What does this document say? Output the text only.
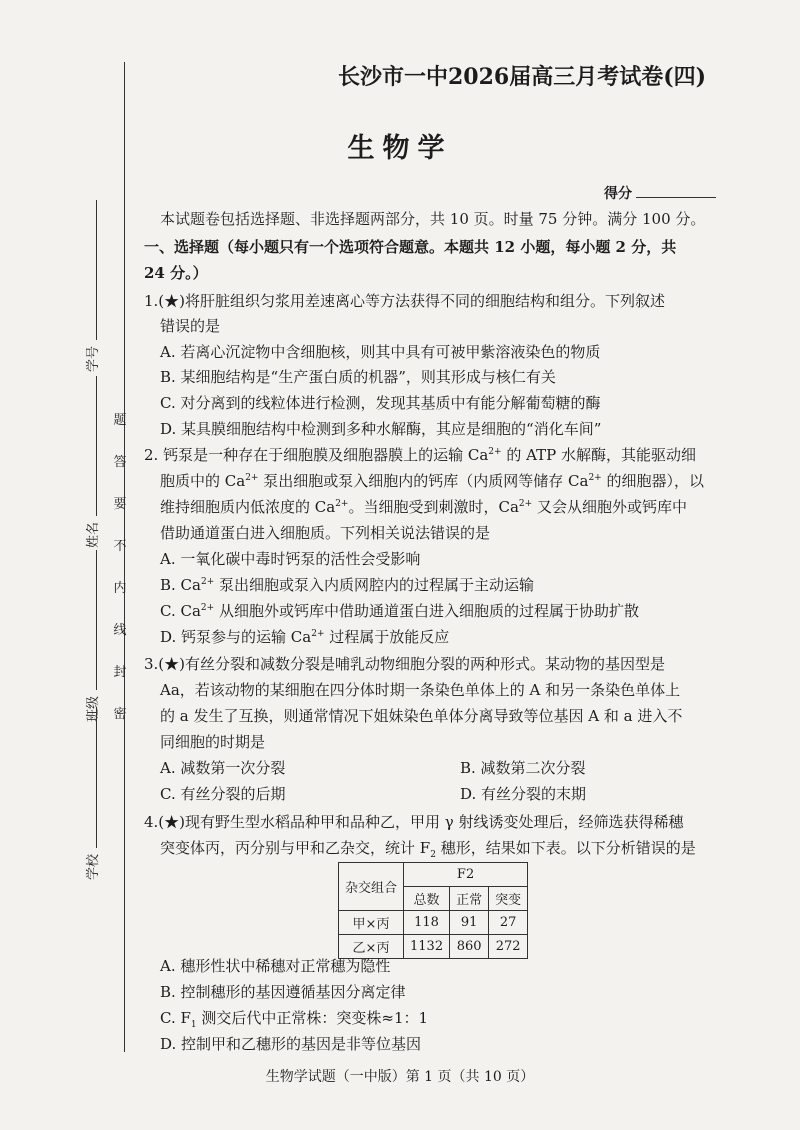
学号
姓名
班级
学校
题
答
要
不
内
线
封
密
长沙市一中2026届高三月考试卷(四)
生物学
得分
本试题卷包括选择题、非选择题两部分，共 10 页。时量 75 分钟。满分 100 分。
一、选择题（每小题只有一个选项符合题意。本题共 12 小题，每小题 2 分，共
24 分。）
1.(★)将肝脏组织匀浆用差速离心等方法获得不同的细胞结构和组分。下列叙述
错误的是
A. 若离心沉淀物中含细胞核，则其中具有可被甲紫溶液染色的物质
B. 某细胞结构是“生产蛋白质的机器”，则其形成与核仁有关
C. 对分离到的线粒体进行检测，发现其基质中有能分解葡萄糖的酶
D. 某具膜细胞结构中检测到多种水解酶，其应是细胞的“消化车间”
2. 钙泵是一种存在于细胞膜及细胞器膜上的运输 $Ca^{2+}$ 的 ATP 水解酶，其能驱动细
胞质中的 $Ca^{2+}$ 泵出细胞或泵入细胞内的钙库（内质网等储存 $Ca^{2+}$ 的细胞器），以
维持细胞质内低浓度的 $Ca^{2+}$。当细胞受到刺激时，$Ca^{2+}$ 又会从细胞外或钙库中
借助通道蛋白进入细胞质。下列相关说法错误的是
A. 一氧化碳中毒时钙泵的活性会受影响
B. $Ca^{2+}$ 泵出细胞或泵入内质网腔内的过程属于主动运输
C. $Ca^{2+}$ 从细胞外或钙库中借助通道蛋白进入细胞质的过程属于协助扩散
D. 钙泵参与的运输 $Ca^{2+}$ 过程属于放能反应
3.(★)有丝分裂和减数分裂是哺乳动物细胞分裂的两种形式。某动物的基因型是
Aa，若该动物的某细胞在四分体时期一条染色单体上的 A 和另一条染色单体上
的 a 发生了互换，则通常情况下姐妹染色单体分离导致等位基因 A 和 a 进入不
同细胞的时期是
A. 减数第一次分裂	B. 减数第二次分裂
C. 有丝分裂的后期	D. 有丝分裂的末期
4.(★)现有野生型水稻品种甲和品种乙，甲用 γ 射线诱变处理后，经筛选获得稀穗
突变体丙，丙分别与甲和乙杂交，统计 $F_2$ 穗形，结果如下表。以下分析错误的是
杂交组合	F2		
	总数	正常	突变
甲×丙	118	91	27
乙×丙	1132	860	272
A. 穗形性状中稀穗对正常穗为隐性
B. 控制穗形的基因遵循基因分离定律
C. $F_1$ 测交后代中正常株：突变株≈1：1
D. 控制甲和乙穗形的基因是非等位基因
生物学试题（一中版）第 1 页（共 10 页）
